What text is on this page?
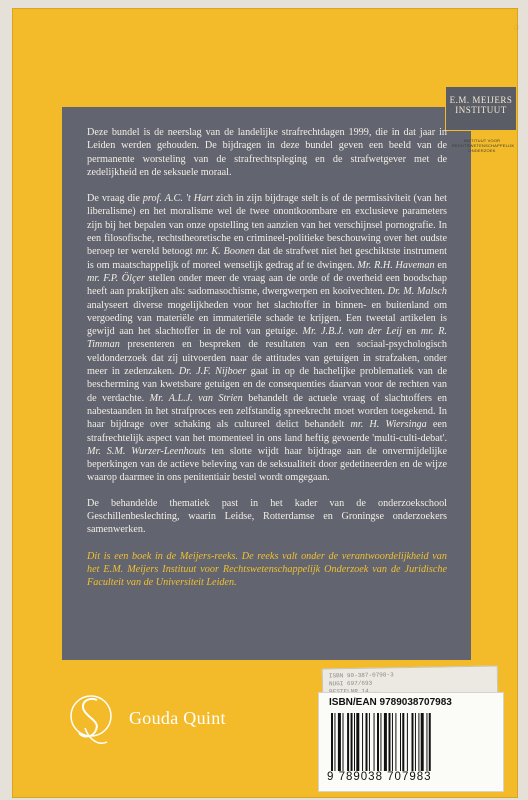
◌
E.M. MEIJERS
INSTITUUT
INSTITUUT VOOR RECHTSWETENSCHAPPELIJK ONDERZOEK

Deze bundel is de neerslag van de landelijke strafrechtdagen 1999, die in dat jaar in Leiden werden gehouden. De bijdragen in deze bundel geven een beeld van de permanente worsteling van de strafrechtspleging en de strafwetgever met de zedelijkheid en de seksuele moraal.

De vraag die prof. A.C. 't Hart zich in zijn bijdrage stelt is of de permissiviteit (van het liberalisme) en het moralisme wel de twee onontkoombare en exclusieve parameters zijn bij het bepalen van onze opstelling ten aanzien van het verschijnsel pornografie. In een filosofische, rechtstheoretische en crimineel-politieke beschouwing over het oudste beroep ter wereld betoogt mr. K. Boonen dat de strafwet niet het geschiktste instrument is om maatschappelijk of moreel wenselijk gedrag af te dwingen. Mr. R.H. Haveman en mr. F.P. Ölçer stellen onder meer de vraag aan de orde of de overheid een boodschap heeft aan praktijken als: sadomasochisme, dwergwerpen en kooivechten. Dr. M. Malsch analyseert diverse mogelijkheden voor het slachtoffer in binnen- en buitenland om vergoeding van materiële en immateriële schade te krijgen. Een tweetal artikelen is gewijd aan het slachtoffer in de rol van getuige. Mr. J.B.J. van der Leij en mr. R. Timman presenteren en bespreken de resultaten van een sociaal-psychologisch veldonderzoek dat zij uitvoerden naar de attitudes van getuigen in strafzaken, onder meer in zedenzaken. Dr. J.F. Nijboer gaat in op de hachelijke problematiek van de bescherming van kwetsbare getuigen en de consequenties daarvan voor de rechten van de verdachte. Mr. A.L.J. van Strien behandelt de actuele vraag of slachtoffers en nabestaanden in het strafproces een zelfstandig spreekrecht moet worden toegekend. In haar bijdrage over schaking als cultureel delict behandelt mr. H. Wiersinga een strafrechtelijk aspect van het momenteel in ons land heftig gevoerde 'multi-culti-debat'. Mr. S.M. Wurzer-Leenhouts ten slotte wijdt haar bijdrage aan de onvermijdelijke beperkingen van de actieve beleving van de seksualiteit door gedetineerden en de wijze waarop daarmee in ons penitentiair bestel wordt omgegaan.

De behandelde thematiek past in het kader van de onderzoekschool Geschillenbeslechting, waarin Leidse, Rotterdamse en Groningse onderzoekers samenwerken.

Dit is een boek in de Meijers-reeks. De reeks valt onder de verantwoordelijkheid van het E.M. Meijers Instituut voor Rechtswetenschappelijk Onderzoek van de Juridische Faculteit van de Universiteit Leiden.

Gouda Quint
ISBN 90-387-0798-3
NUGI 697/693
ISBN/EAN 9789038707983
9 789038 707983
